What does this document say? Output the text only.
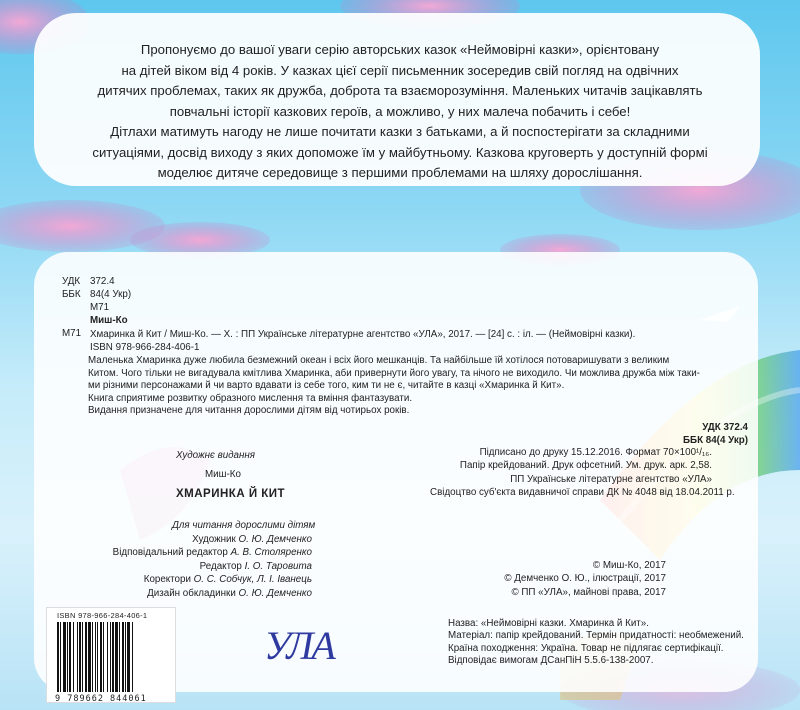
Пропонуємо до вашої уваги серію авторських казок «Неймовірні казки», орієнтовану

на дітей віком від 4 років. У казках цієї серії письменник зосередив свій погляд на одвічних

дитячих проблемах, таких як дружба, доброта та взаєморозуміння. Маленьких читачів зацікавлять

повчальні історії казкових героїв, а можливо, у них малеча побачить і себе!

Дітлахи матимуть нагоду не лише почитати казки з батьками, а й поспостерігати за складними

ситуаціями, досвід виходу з яких допоможе їм у майбутньому. Казкова круговерть у доступній формі

моделює дитяче середовище з першими проблемами на шляху дорослішання.

УДК 372.4
ББК 84(4 Укр)
М71
Миш-Ко
М71 Хмаринка й Кит / Миш-Ко. — Х. : ПП Українське літературне агентство «УЛА», 2017. — [24] с. : іл. — (Неймовірні казки).
ISBN 978-966-284-406-1

Маленька Хмаринка дуже любила безмежний океан і всіх його мешканців. Та найбільше їй хотілося потоваришувати з великим

Китом. Чого тільки не вигадувала кмітлива Хмаринка, аби привернути його увагу, та нічого не виходило. Чи можлива дружба між таки-

ми різними персонажами й чи варто вдавати із себе тогo, ким ти не є, читайте в казці «Хмаринка й Кит».

Книга сприятиме розвитку образного мислення та вміння фантазувати.

Видання призначене для читання дорослими дітям від чотирьох років.

УДК 372.4
ББК 84(4 Укр)
Художнє видання
Миш-Ко
ХМАРИНКА Й КИТ
Для читання дорослими дітям
Художник О. Ю. Демченко
Відповідальний редактор А. В. Столяренко
Редактор І. О. Таровита
Коректори О. С. Собчук, Л. І. Іванець
Дизайн обкладинки О. Ю. Демченко
Підписано до друку 15.12.2016. Формат 70×100¹/₁₆.
Папір крейдований. Друк офсетний. Ум. друк. арк. 2,58.
ПП Українське літературне агентство «УЛА»
Свідоцтво суб'єкта видавничої справи ДК № 4048 від 18.04.2011 р.
© Миш-Ко, 2017
© Демченко О. Ю., ілюстрації, 2017
© ПП «УЛА», майнові права, 2017
Назва: «Неймовірні казки. Хмаринка й Кит».
Матеріал: папір крейдований. Термін придатності: необмежений.
Країна походження: Україна. Товар не підлягає сертифікації.
Відповідає вимогам ДСанПіН 5.5.6-138-2007.
ISBN 978-966-284-406-1
9 789662 844061
УЛА
